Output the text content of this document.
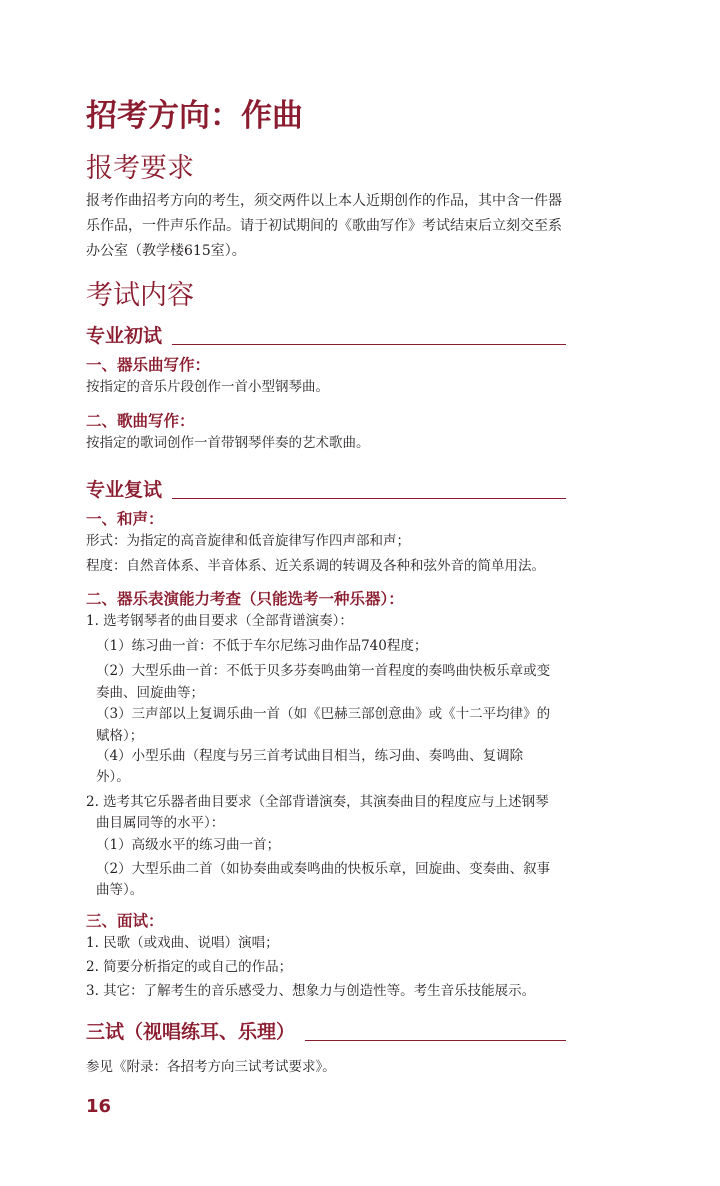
招考方向：作曲
报考要求
报考作曲招考方向的考生，须交两件以上本人近期创作的作品，其中含一件器
乐作品，一件声乐作品。请于初试期间的《歌曲写作》考试结束后立刻交至系
办公室（教学楼615室）。
考试内容
专业初试
一、器乐曲写作：
按指定的音乐片段创作一首小型钢琴曲。
二、歌曲写作：
按指定的歌词创作一首带钢琴伴奏的艺术歌曲。
专业复试
一、和声：
形式：为指定的高音旋律和低音旋律写作四声部和声；
程度：自然音体系、半音体系、近关系调的转调及各种和弦外音的简单用法。
二、器乐表演能力考查（只能选考一种乐器）：
1. 选考钢琴者的曲目要求（全部背谱演奏）：
（1）练习曲一首：不低于车尔尼练习曲作品740程度；
（2）大型乐曲一首：不低于贝多芬奏鸣曲第一首程度的奏鸣曲快板乐章或变
奏曲、回旋曲等；
（3）三声部以上复调乐曲一首（如《巴赫三部创意曲》或《十二平均律》的
赋格）；
（4）小型乐曲（程度与另三首考试曲目相当，练习曲、奏鸣曲、复调除
外）。
2. 选考其它乐器者曲目要求（全部背谱演奏，其演奏曲目的程度应与上述钢琴
曲目属同等的水平）：
（1）高级水平的练习曲一首；
（2）大型乐曲二首（如协奏曲或奏鸣曲的快板乐章，回旋曲、变奏曲、叙事
曲等）。
三、面试：
1. 民歌（或戏曲、说唱）演唱；
2. 简要分析指定的或自己的作品；
3. 其它：了解考生的音乐感受力、想象力与创造性等。考生音乐技能展示。
三试（视唱练耳、乐理）
参见《附录：各招考方向三试考试要求》。
16
